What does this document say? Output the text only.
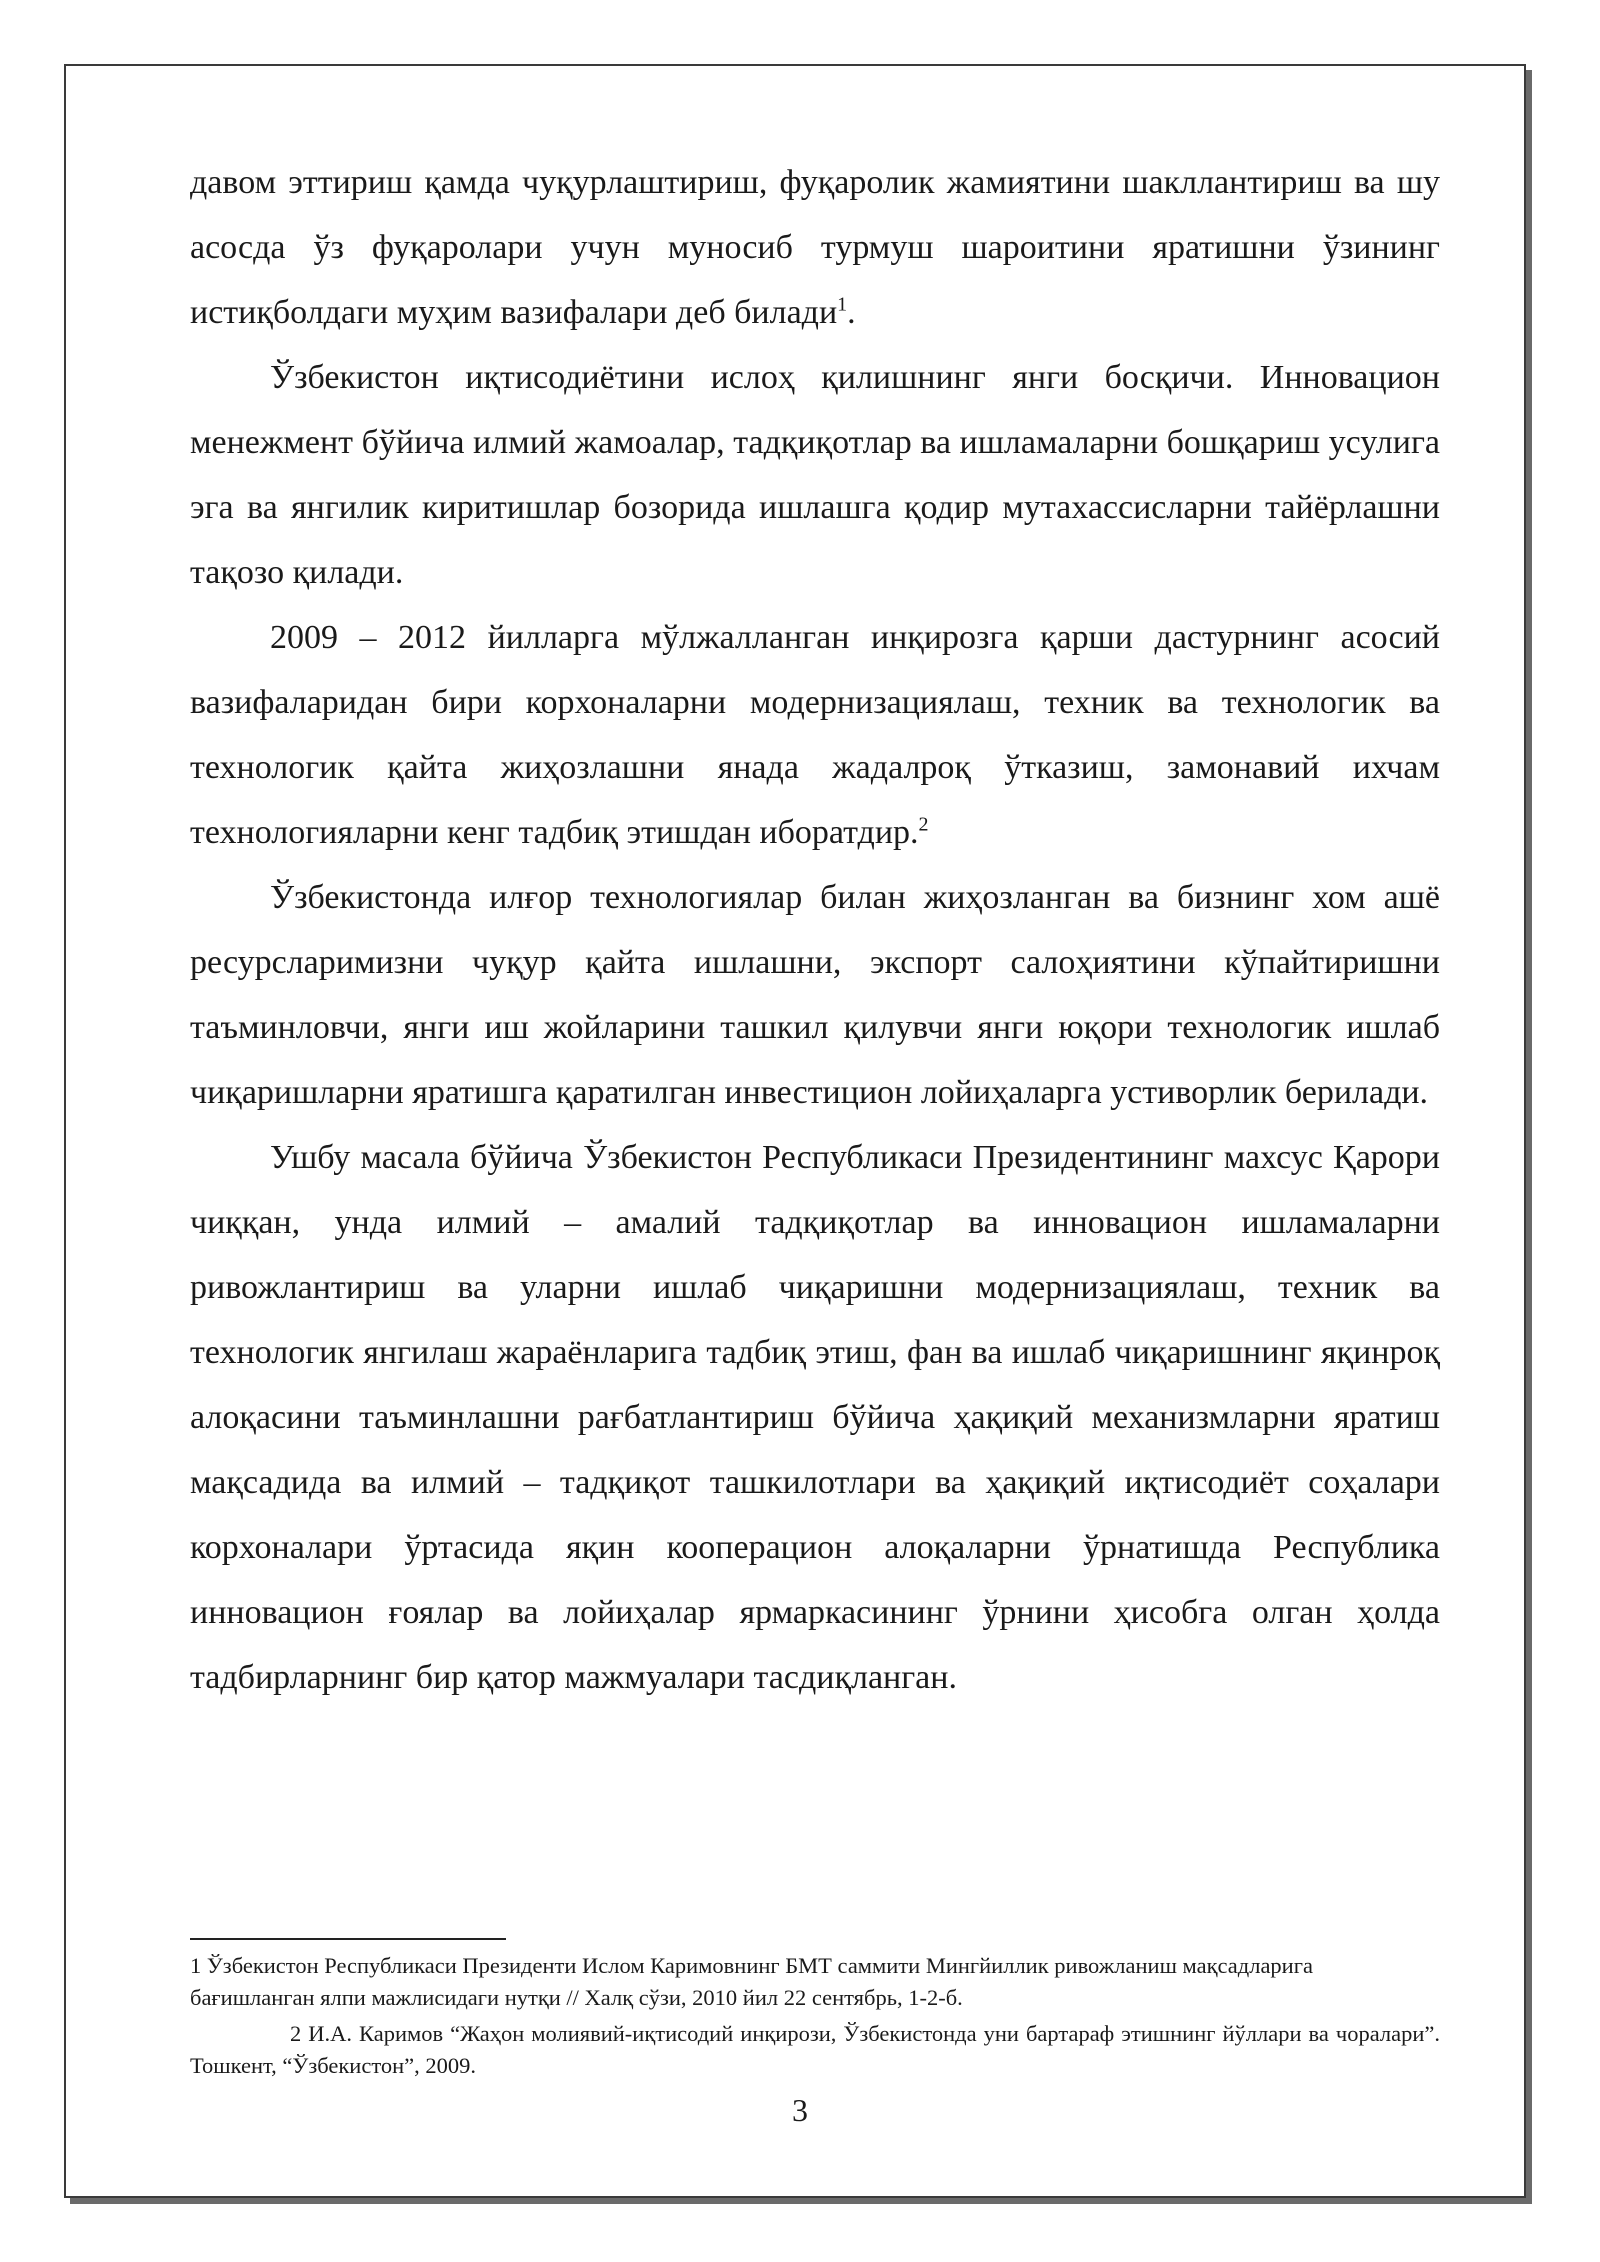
давом эттириш қамда чуқурлаштириш, фуқаролик жамиятини шакллантириш ва шу асосда ўз фуқаролари учун муносиб турмуш шароитини яратишни ўзининг истиқболдаги муҳим вазифалари деб билади$^1$.

Ўзбекистон иқтисодиётини ислоҳ қилишнинг янги босқичи. Инновацион менежмент бўйича илмий жамоалар, тадқиқотлар ва ишламаларни бошқариш усулига эга ва янгилик киритишлар бозорида ишлашга қодир мутахассисларни тайёрлашни тақозо қилади.

2009 – 2012 йилларга мўлжалланган инқирозга қарши дастурнинг асосий вазифаларидан бири корхоналарни модернизациялаш, техник ва технологик ва технологик қайта жиҳозлашни янада жадалроқ ўтказиш, замонавий ихчам технологияларни кенг тадбиқ этишдан иборатдир.$^2$

Ўзбекистонда илғор технологиялар билан жиҳозланган ва бизнинг хом ашё ресурсларимизни чуқур қайта ишлашни, экспорт салоҳиятини кўпайтиришни таъминловчи, янги иш жойларини ташкил қилувчи янги юқори технологик ишлаб чиқаришларни яратишга қаратилган инвестицион лойиҳаларга устиворлик берилади.

Ушбу масала бўйича Ўзбекистон Республикаси Президентининг махсус Қарори чиққан, унда илмий – амалий тадқиқотлар ва инновацион ишламаларни ривожлантириш ва уларни ишлаб чиқаришни модернизациялаш, техник ва технологик янгилаш жараёнларига тадбиқ этиш, фан ва ишлаб чиқаришнинг яқинроқ алоқасини таъминлашни рағбатлантириш бўйича ҳақиқий механизмларни яратиш мақсадида ва илмий – тадқиқот ташкилотлари ва ҳақиқий иқтисодиёт соҳалари корхоналари ўртасида яқин кооперацион алоқаларни ўрнатишда Республика инновацион ғоялар ва лойиҳалар ярмаркасининг ўрнини ҳисобга олган ҳолда тадбирларнинг бир қатор мажмуалари тасдиқланган.

1 Ўзбекистон Республикаси Президенти Ислом Каримовнинг БМТ саммити Мингйиллик ривожланиш мақсадларига бағишланган ялпи мажлисидаги нутқи // Халқ сўзи, 2010 йил 22 сентябрь, 1-2-б.

2 И.А. Каримов “Жаҳон молиявий-иқтисодий инқирози, Ўзбекистонда уни бартараф этишнинг йўллари ва чоралари”. Тошкент, “Ўзбекистон”, 2009.

3
